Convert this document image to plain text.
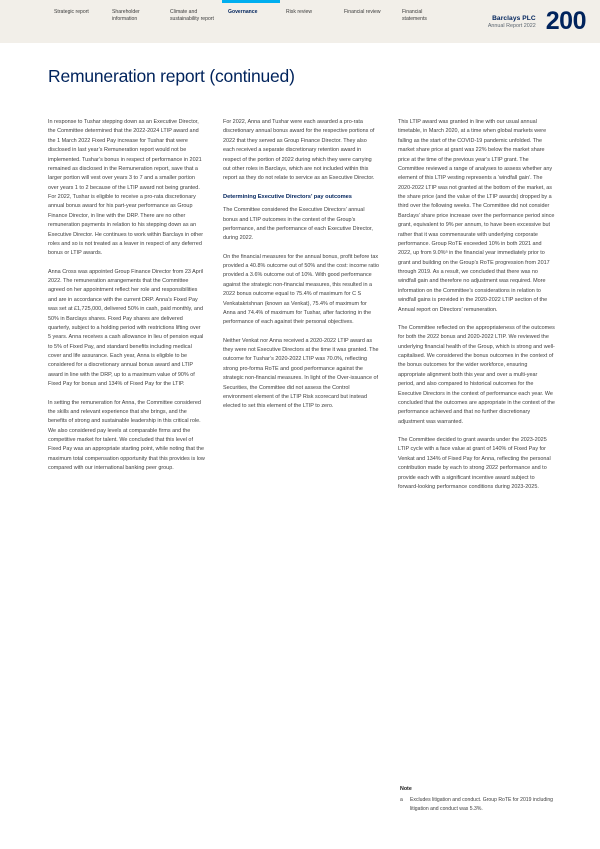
Strategic report	Shareholder information
Climate and sustainability report
Governance	Risk review	Financial review	Financial statements	Barclays PLC
Annual Report 2022 200
Remuneration report (continued)

In response to Tushar stepping down as an Executive Director, the Committee determined that the 2022-2024 LTIP award and the 1 March 2022 Fixed Pay increase for Tushar that were disclosed in last year’s Remuneration report would not be implemented. Tushar’s bonus in respect of performance in 2021 remained as disclosed in the Remuneration report, save that a larger portion will vest over years 3 to 7 and a smaller portion over years 1 to 2 because of the LTIP award not being granted. For 2022, Tushar is eligible to receive a pro-rata discretionary annual bonus award for his part-year performance as Group Finance Director, in line with the DRP. There are no other remuneration payments in relation to his stepping down as an Executive Director. He continues to work within Barclays in other roles and so is not treated as a leaver in respect of any deferred bonus or LTIP awards.

Anna Cross was appointed Group Finance Director from 23 April 2022. The remuneration arrangements that the Committee agreed on her appointment reflect her role and responsibilities and are in accordance with the current DRP. Anna’s Fixed Pay was set at £1,725,000, delivered 50% in cash, paid monthly, and 50% in Barclays shares. Fixed Pay shares are delivered quarterly, subject to a holding period with restrictions lifting over 5 years. Anna receives a cash allowance in lieu of pension equal to 5% of Fixed Pay, and standard benefits including medical cover and life assurance. Each year, Anna is eligible to be considered for a discretionary annual bonus award and LTIP award in line with the DRP, up to a maximum value of 90% of Fixed Pay for bonus and 134% of Fixed Pay for the LTIP.

In setting the remuneration for Anna, the Committee considered the skills and relevant experience that she brings, and the benefits of strong and sustainable leadership in this critical role. We also considered pay levels at comparable firms and the competitive market for talent. We concluded that this level of Fixed Pay was an appropriate starting point, while noting that the maximum total compensation opportunity that this provides is low compared with our international banking peer group.

For 2022, Anna and Tushar were each awarded a pro-rata discretionary annual bonus award for the respective portions of 2022 that they served as Group Finance Director. They also each received a separate discretionary retention award in respect of the portion of 2022 during which they were carrying out other roles in Barclays, which are not included within this report as they do not relate to service as an Executive Director.

Determining Executive Directors’ pay outcomes

The Committee considered the Executive Directors’ annual bonus and LTIP outcomes in the context of the Group’s performance, and the performance of each Executive Director, during 2022.

On the financial measures for the annual bonus, profit before tax provided a 40.8% outcome out of 50% and the cost: income ratio provided a 3.6% outcome out of 10%. With good performance against the strategic non-financial measures, this resulted in a 2022 bonus outcome equal to 75.4% of maximum for C S Venkatakrishnan (known as Venkat), 75.4% of maximum for Anna and 74.4% of maximum for Tushar, after factoring in the performance of each against their personal objectives.

Neither Venkat nor Anna received a 2020-2022 LTIP award as they were not Executive Directors at the time it was granted. The outcome for Tushar’s 2020-2022 LTIP was 70.0%, reflecting strong pro-forma RoTE and good performance against the strategic non-financial measures. In light of the Over-issuance of Securities, the Committee did not assess the Control environment element of the LTIP Risk scorecard but instead elected to set this element of the LTIP to zero.

This LTIP award was granted in line with our usual annual timetable, in March 2020, at a time when global markets were falling as the start of the COVID-19 pandemic unfolded. The market share price at grant was 22% below the market share price at the time of the previous year’s LTIP grant. The Committee reviewed a range of analyses to assess whether any element of this LTIP vesting represents a ‘windfall gain’. The 2020-2022 LTIP was not granted at the bottom of the market, as the share price (and the value of the LTIP awards) dropped by a third over the following weeks. The Committee did not consider Barclays’ share price increase over the performance period since grant, equivalent to 9% per annum, to have been excessive but rather that it was commensurate with underlying corporate performance. Group RoTE exceeded 10% in both 2021 and 2022, up from 9.0%ᵃ in the financial year immediately prior to grant and building on the Group’s RoTE progression from 2017 through 2019. As a result, we concluded that there was no windfall gain and therefore no adjustment was required. More information on the Committee’s considerations in relation to windfall gains is provided in the 2020-2022 LTIP section of the Annual report on Directors’ remuneration.

The Committee reflected on the appropriateness of the outcomes for both the 2022 bonus and 2020-2022 LTIP. We reviewed the underlying financial health of the Group, which is strong and well-capitalised. We considered the bonus outcomes in the context of the bonus outcomes for the wider workforce, ensuring appropriate alignment both this year and over a multi-year period, and also compared to historical outcomes for the Executive Directors in the context of performance each year. We concluded that the outcomes are appropriate in the context of the performance achieved and that no further discretionary adjustment was warranted.

The Committee decided to grant awards under the 2023-2025 LTIP cycle with a face value at grant of 140% of Fixed Pay for Venkat and 134% of Fixed Pay for Anna, reflecting the personal contribution made by each to strong 2022 performance and to provide each with a significant incentive award subject to forward-looking performance conditions during 2023-2025.

Note
a	Excludes litigation and conduct. Group RoTE for 2019 including litigation and conduct was 5.3%.
